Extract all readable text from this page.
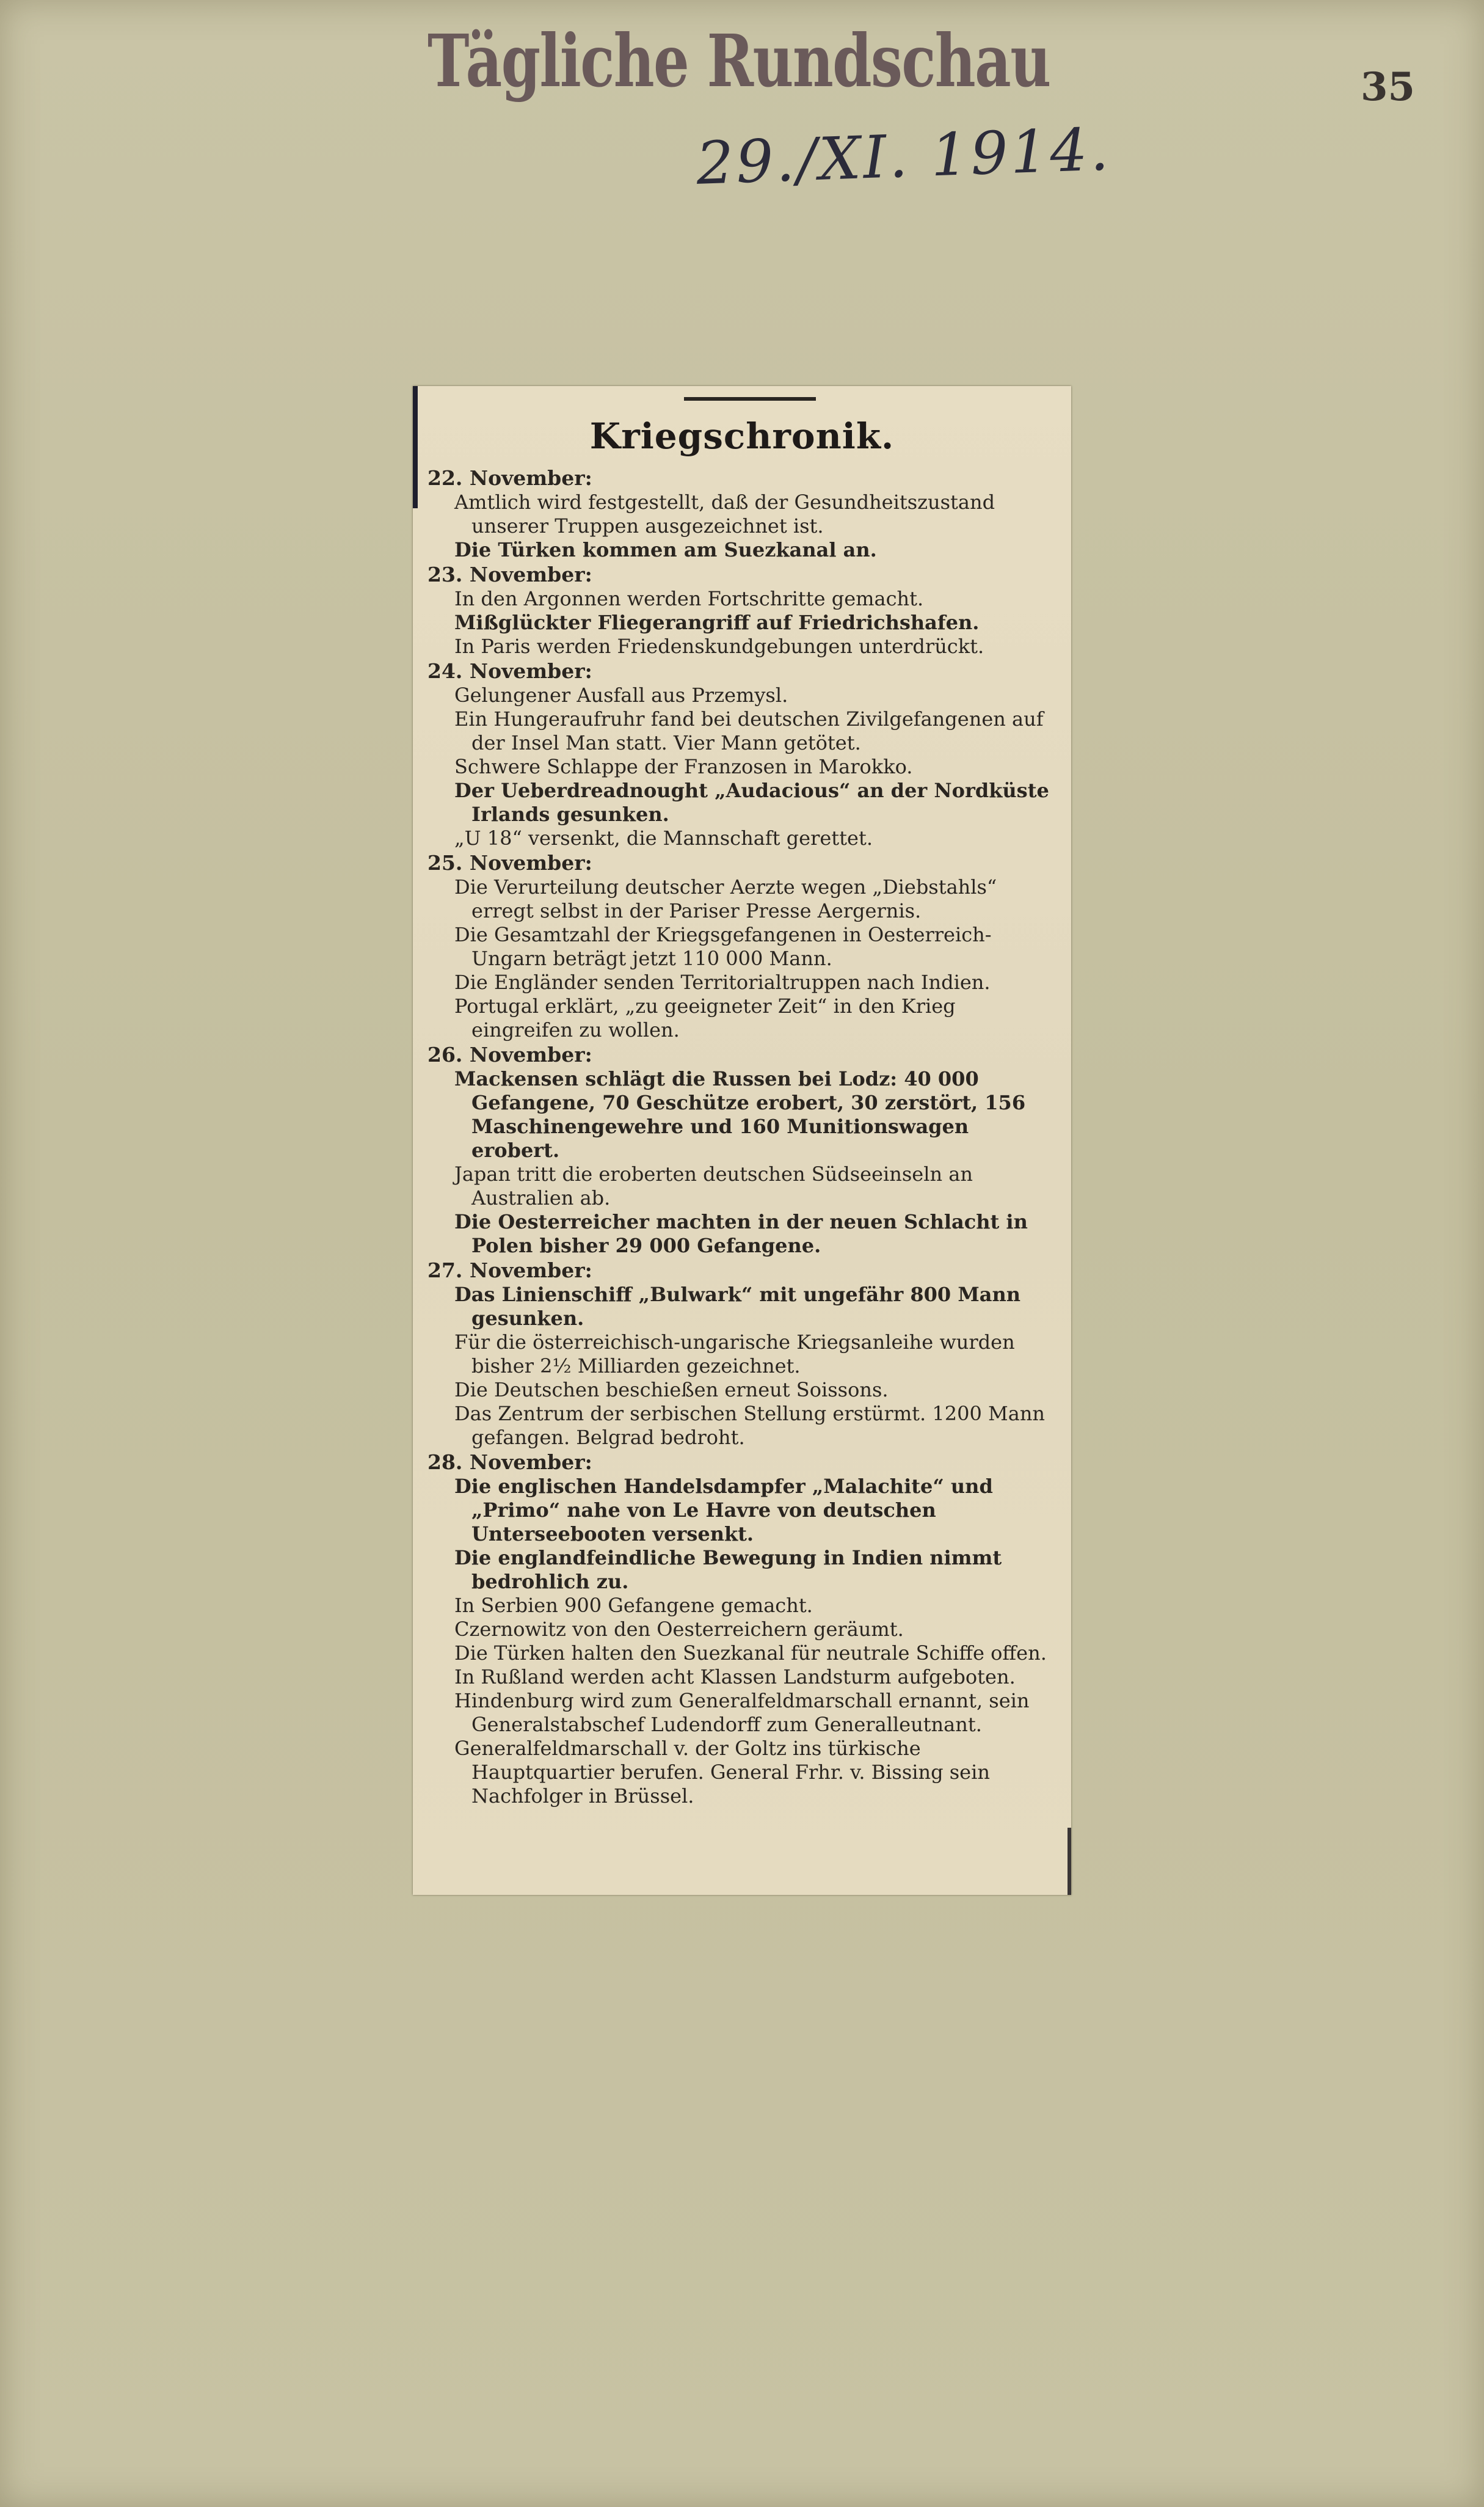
Tägliche Rundschau	35
29./XI. 1914.
Kriegschronik.
22. November:
Amtlich wird festgestellt, daß der Gesundheitszustand unserer Truppen ausgezeichnet ist.
Die Türken kommen am Suezkanal an.
23. November:
In den Argonnen werden Fortschritte gemacht.
Mißglückter Fliegerangriff auf Friedrichshafen.
In Paris werden Friedenskundgebungen unterdrückt.
24. November:
Gelungener Ausfall aus Przemysl.
Ein Hungeraufruhr fand bei deutschen Zivilgefangenen auf der Insel Man statt. Vier Mann getötet.
Schwere Schlappe der Franzosen in Marokko.
Der Ueberdreadnought „Audacious“ an der Nordküste Irlands gesunken.
„U 18“ versenkt, die Mannschaft gerettet.
25. November:
Die Verurteilung deutscher Aerzte wegen „Diebstahls“ erregt selbst in der Pariser Presse Aergernis.
Die Gesamtzahl der Kriegsgefangenen in Oesterreich-Ungarn beträgt jetzt 110 000 Mann.
Die Engländer senden Territorialtruppen nach Indien.
Portugal erklärt, „zu geeigneter Zeit“ in den Krieg eingreifen zu wollen.
26. November:
Mackensen schlägt die Russen bei Lodz: 40 000 Gefangene, 70 Geschütze erobert, 30 zerstört, 156 Maschinengewehre und 160 Munitionswagen erobert.
Japan tritt die eroberten deutschen Südseeinseln an Australien ab.
Die Oesterreicher machten in der neuen Schlacht in Polen bisher 29 000 Gefangene.
27. November:
Das Linienschiff „Bulwark“ mit ungefähr 800 Mann gesunken.
Für die österreichisch-ungarische Kriegsanleihe wurden bisher 2½ Milliarden gezeichnet.
Die Deutschen beschießen erneut Soissons.
Das Zentrum der serbischen Stellung erstürmt. 1200 Mann gefangen. Belgrad bedroht.
28. November:
Die englischen Handelsdampfer „Malachite“ und „Primo“ nahe von Le Havre von deutschen Unterseebooten versenkt.
Die englandfeindliche Bewegung in Indien nimmt bedrohlich zu.
In Serbien 900 Gefangene gemacht.
Czernowitz von den Oesterreichern geräumt.
Die Türken halten den Suezkanal für neutrale Schiffe offen.
In Rußland werden acht Klassen Landsturm aufgeboten.
Hindenburg wird zum Generalfeldmarschall ernannt, sein Generalstabschef Ludendorff zum Generalleutnant.
Generalfeldmarschall v. der Goltz ins türkische Hauptquartier berufen. General Frhr. v. Bissing sein Nachfolger in Brüssel.
